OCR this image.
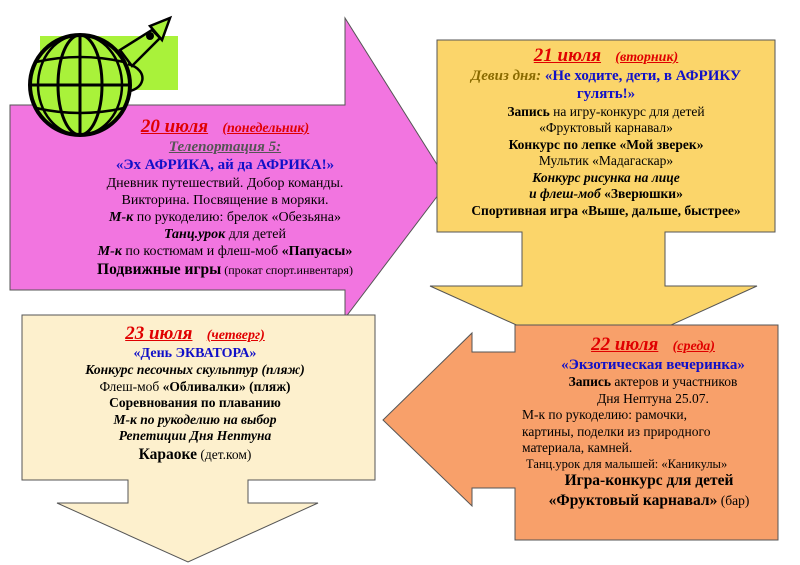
20 июля (понедельник)
Телепортация 5:
«Эх АФРИКА, ай да АФРИКА!»
Дневник путешествий. Добор команды.
Викторина. Посвящение в моряки.
М-к по рукоделию: брелок «Обезьяна»
Танц.урок для детей
М-к по костюмам и флеш-моб «Папуасы»
Подвижные игры (прокат спорт.инвентаря)
21 июля (вторник)
Девиз дня: «Не ходите, дети, в АФРИКУ
гулять!»
Запись на игру-конкурс для детей
«Фруктовый карнавал»
Конкурс по лепке «Мой зверек»
Мультик «Мадагаскар»
Конкурс рисунка на лице
и флеш-моб «Зверюшки»
Спортивная игра «Выше, дальше, быстрее»
22 июля (среда)
«Экзотическая вечеринка»
Запись актеров и участников
Дня Нептуна 25.07.
М-к по рукоделию: рамочки,
картины, поделки из природного
материала, камней.
Танц.урок для малышей: «Каникулы»
Игра-конкурс для детей
«Фруктовый карнавал» (бар)
23 июля (четверг)
«День ЭКВАТОРА»
Конкурс песочных скульптур (пляж)
Флеш-моб «Обливалки» (пляж)
Соревнования по плаванию
М-к по рукоделию на выбор
Репетиции Дня Нептуна
Караоке (дет.ком)
